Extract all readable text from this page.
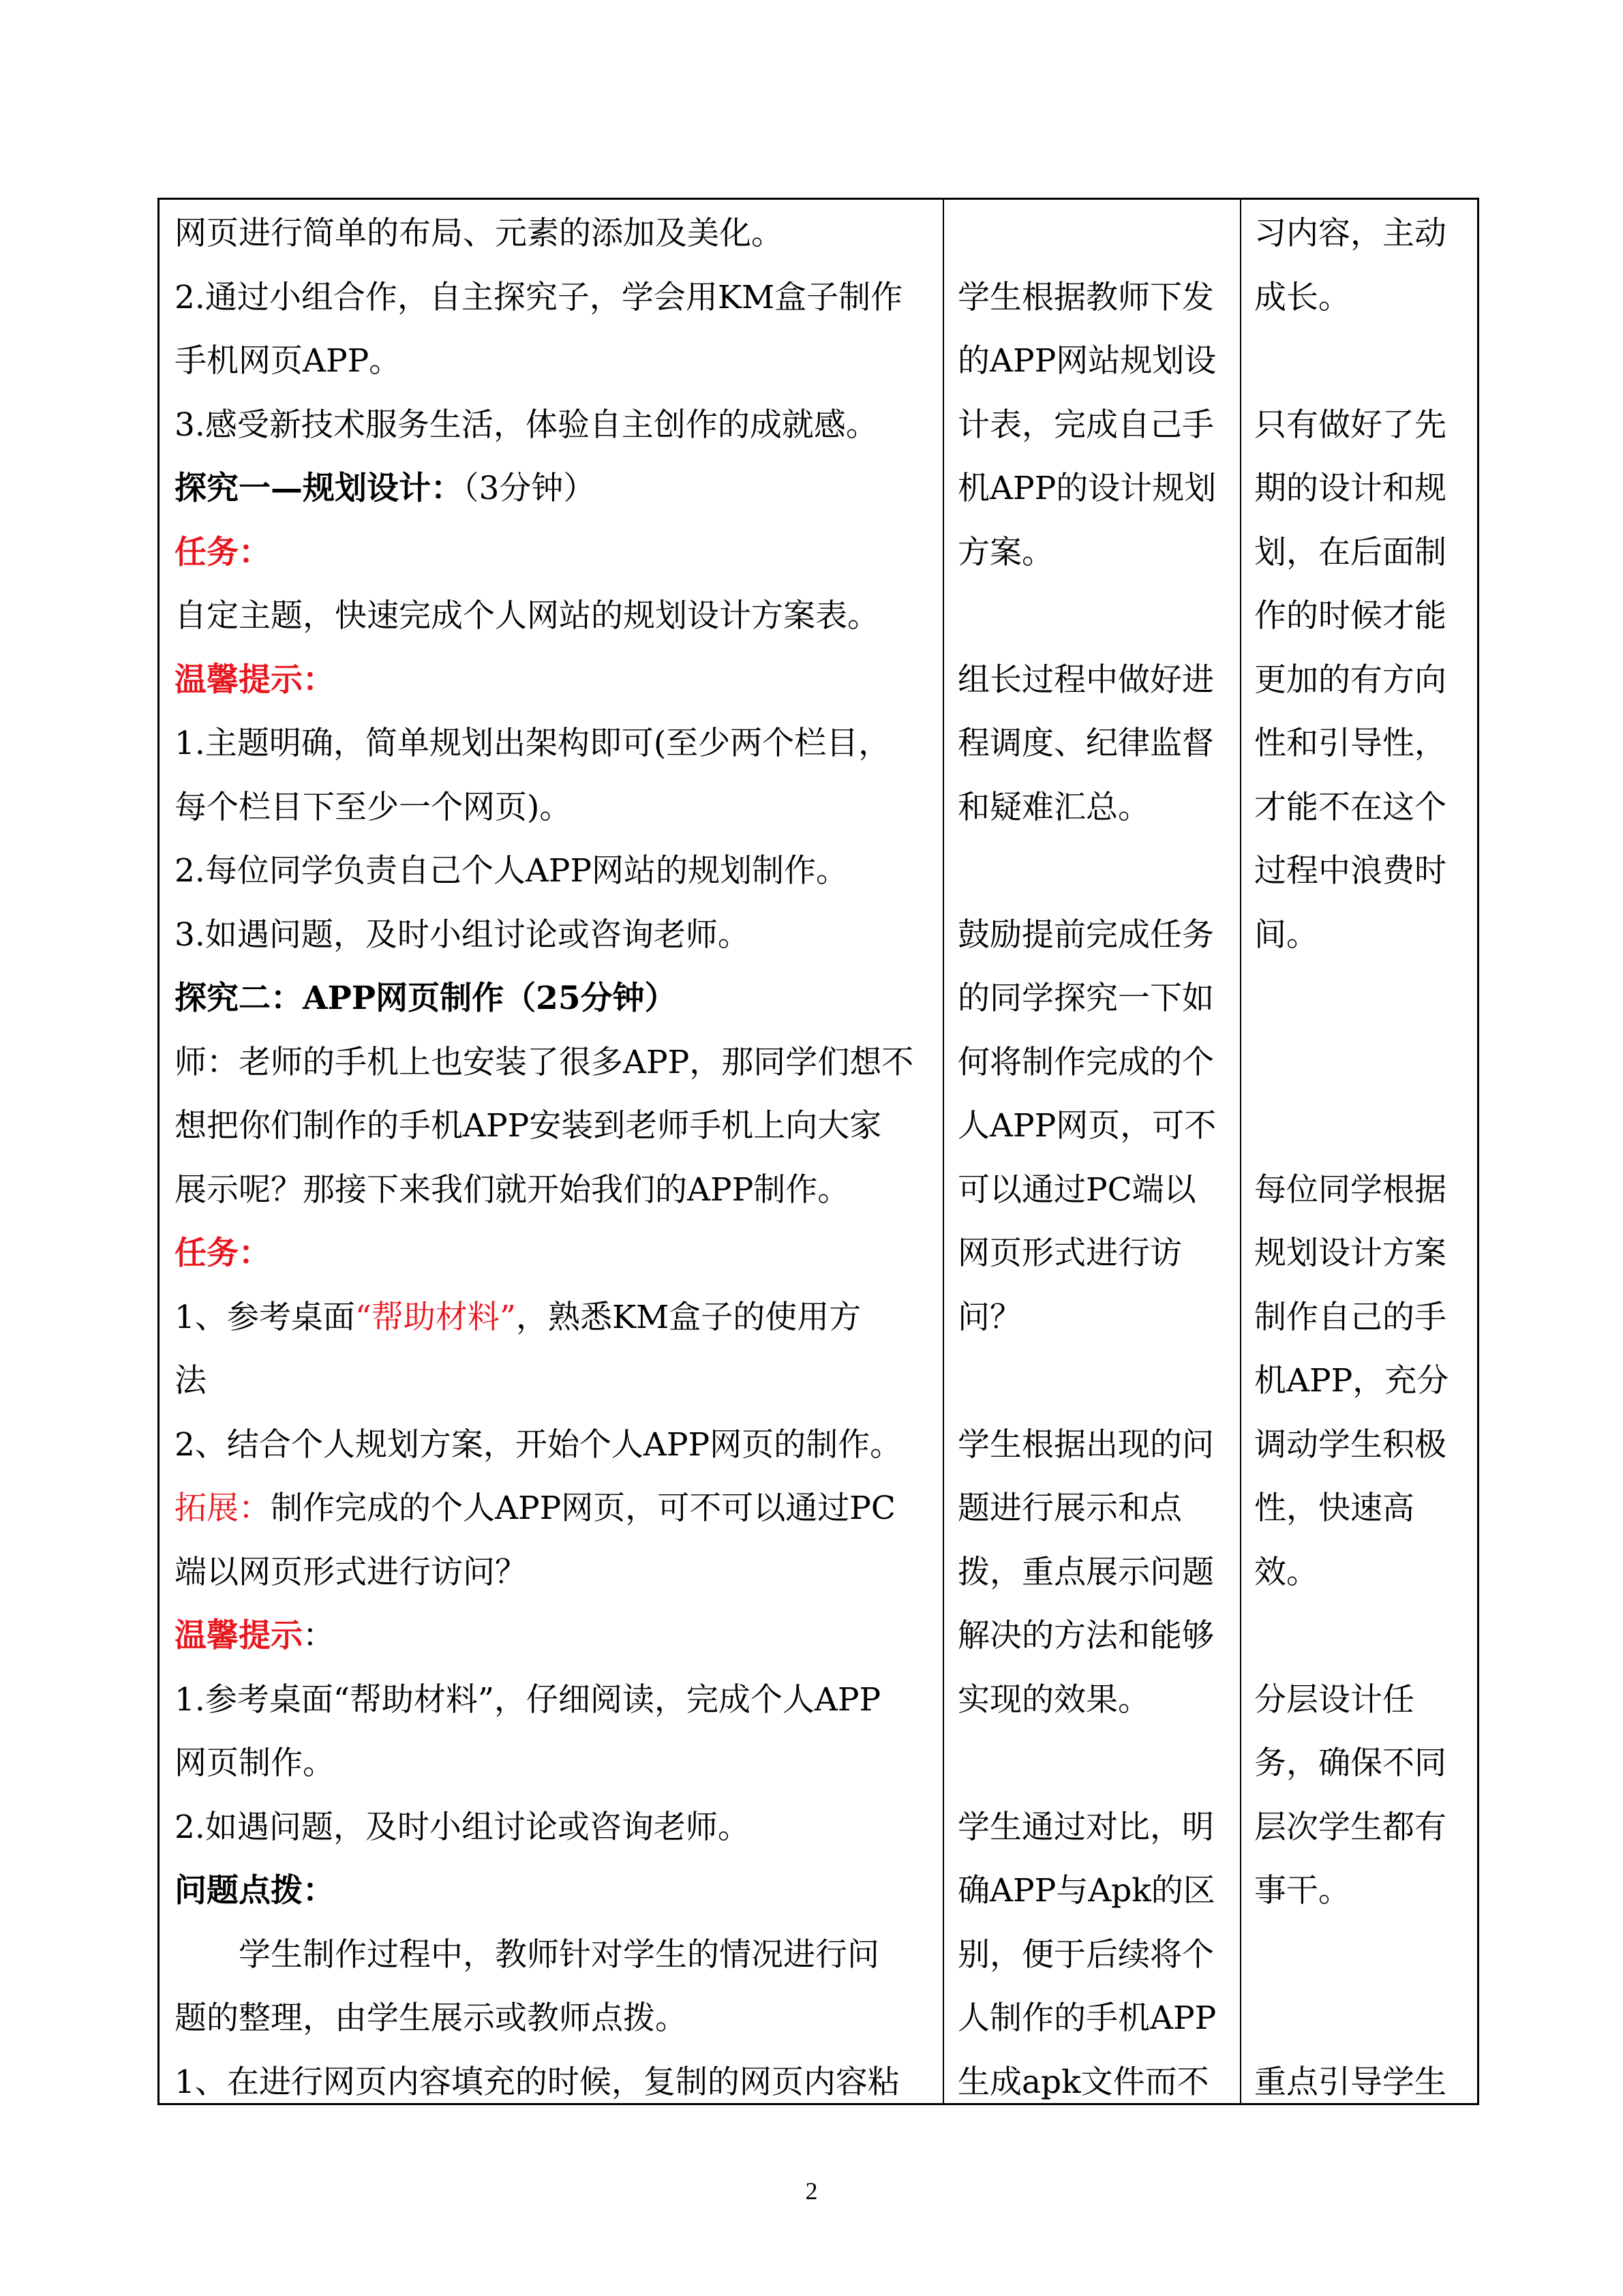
网页进行简单的布局、元素的添加及美化。
2.通过小组合作，自主探究子，学会用KM盒子制作
手机网页APP。
3.感受新技术服务生活，体验自主创作的成就感。
探究一—规划设计：（3分钟）
任务：
自定主题，快速完成个人网站的规划设计方案表。
温馨提示：
1.主题明确，简单规划出架构即可(至少两个栏目，
每个栏目下至少一个网页)。
2.每位同学负责自己个人APP网站的规划制作。
3.如遇问题，及时小组讨论或咨询老师。
探究二：APP网页制作（25分钟）
师：老师的手机上也安装了很多APP，那同学们想不
想把你们制作的手机APP安装到老师手机上向大家
展示呢？那接下来我们就开始我们的APP制作。
任务：
1、参考桌面“帮助材料”，熟悉KM盒子的使用方
法
2、结合个人规划方案，开始个人APP网页的制作。
拓展：制作完成的个人APP网页，可不可以通过PC
端以网页形式进行访问？
温馨提示：
1.参考桌面“帮助材料”，仔细阅读，完成个人APP
网页制作。
2.如遇问题，及时小组讨论或咨询老师。
问题点拨：
　　学生制作过程中，教师针对学生的情况进行问
题的整理，由学生展示或教师点拨。
1、在进行网页内容填充的时候，复制的网页内容粘
学生根据教师下发
的APP网站规划设
计表，完成自己手
机APP的设计规划
方案。
组长过程中做好进
程调度、纪律监督
和疑难汇总。
鼓励提前完成任务
的同学探究一下如
何将制作完成的个
人APP网页，可不
可以通过PC端以
网页形式进行访
问？
学生根据出现的问
题进行展示和点
拨，重点展示问题
解决的方法和能够
实现的效果。
学生通过对比，明
确APP与Apk的区
别，便于后续将个
人制作的手机APP
生成apk文件而不
习内容，主动
成长。
只有做好了先
期的设计和规
划，在后面制
作的时候才能
更加的有方向
性和引导性，
才能不在这个
过程中浪费时
间。
每位同学根据
规划设计方案
制作自己的手
机APP，充分
调动学生积极
性，快速高
效。
分层设计任
务，确保不同
层次学生都有
事干。
重点引导学生
2
